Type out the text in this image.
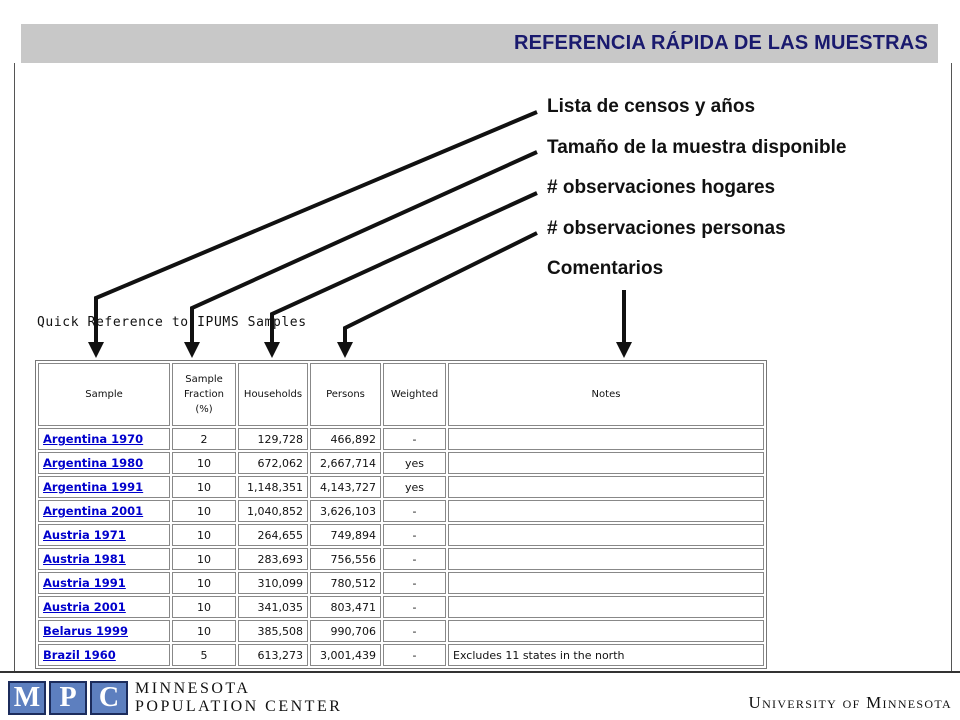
REFERENCIA RÁPIDA DE LAS MUESTRAS
Lista de censos y años
Tamaño de la muestra disponible
# observaciones hogares
# observaciones personas
Comentarios
Quick Reference to IPUMS Samples
Sample	Sample
Fraction
(%)	Households	Persons	Weighted	Notes
Argentina 1970	2	129,728	466,892	-	
Argentina 1980	10	672,062	2,667,714	yes	
Argentina 1991	10	1,148,351	4,143,727	yes	
Argentina 2001	10	1,040,852	3,626,103	-	
Austria 1971	10	264,655	749,894	-	
Austria 1981	10	283,693	756,556	-	
Austria 1991	10	310,099	780,512	-	
Austria 2001	10	341,035	803,471	-	
Belarus 1999	10	385,508	990,706	-	
Brazil 1960	5	613,273	3,001,439	-	Excludes 11 states in the north
M P C MINNESOTA
POPULATION CENTER	University of Minnesota
